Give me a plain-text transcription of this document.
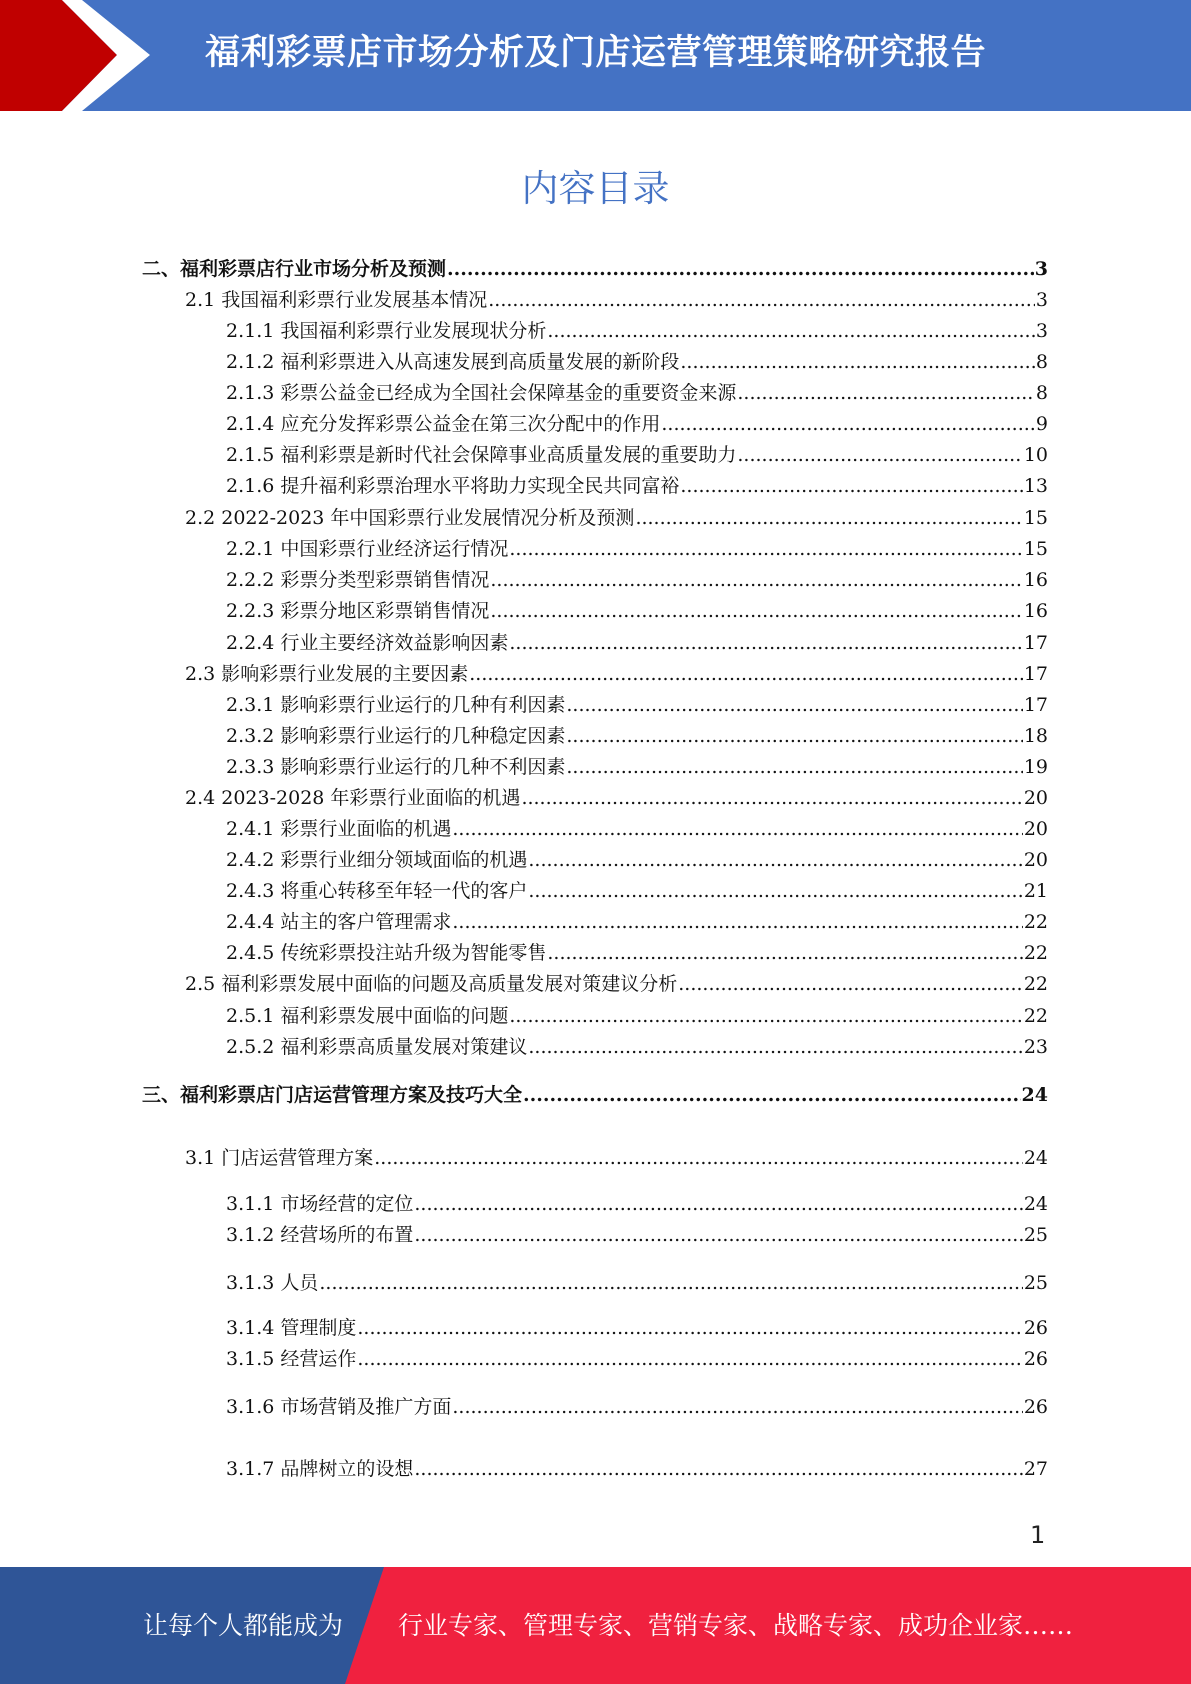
福利彩票店市场分析及门店运营管理策略研究报告
内容目录
二、福利彩票店行业市场分析及预测 .....	3
2.1 我国福利彩票行业发展基本情况 .....	3
2.1.1 我国福利彩票行业发展现状分析 .....	3
2.1.2 福利彩票进入从高速发展到高质量发展的新阶段 .....	8
2.1.3 彩票公益金已经成为全国社会保障基金的重要资金来源 .....	8
2.1.4 应充分发挥彩票公益金在第三次分配中的作用 .....	9
2.1.5 福利彩票是新时代社会保障事业高质量发展的重要助力 .....	10
2.1.6 提升福利彩票治理水平将助力实现全民共同富裕 .....	13
2.2 2022-2023 年中国彩票行业发展情况分析及预测 .....	15
2.2.1 中国彩票行业经济运行情况 .....	15
2.2.2 彩票分类型彩票销售情况 .....	16
2.2.3 彩票分地区彩票销售情况 .....	16
2.2.4 行业主要经济效益影响因素 .....	17
2.3 影响彩票行业发展的主要因素 .....	17
2.3.1 影响彩票行业运行的几种有利因素 .....	17
2.3.2 影响彩票行业运行的几种稳定因素 .....	18
2.3.3 影响彩票行业运行的几种不利因素 .....	19
2.4 2023-2028 年彩票行业面临的机遇 .....	20
2.4.1 彩票行业面临的机遇 .....	20
2.4.2 彩票行业细分领域面临的机遇 .....	20
2.4.3 将重心转移至年轻一代的客户 .....	21
2.4.4 站主的客户管理需求 .....	22
2.4.5 传统彩票投注站升级为智能零售 .....	22
2.5 福利彩票发展中面临的问题及高质量发展对策建议分析 .....	22
2.5.1 福利彩票发展中面临的问题 .....	22
2.5.2 福利彩票高质量发展对策建议 .....	23
三、福利彩票店门店运营管理方案及技巧大全 .....	24
3.1 门店运营管理方案 .....	24
3.1.1 市场经营的定位 .....	24
3.1.2 经营场所的布置 .....	25
3.1.3 人员 .....	25
3.1.4 管理制度 .....	26
3.1.5 经营运作 .....	26
3.1.6 市场营销及推广方面 .....	26
3.1.7 品牌树立的设想 .....	27
1
让每个人都能成为 行业专家、管理专家、营销专家、战略专家、成功企业家……
